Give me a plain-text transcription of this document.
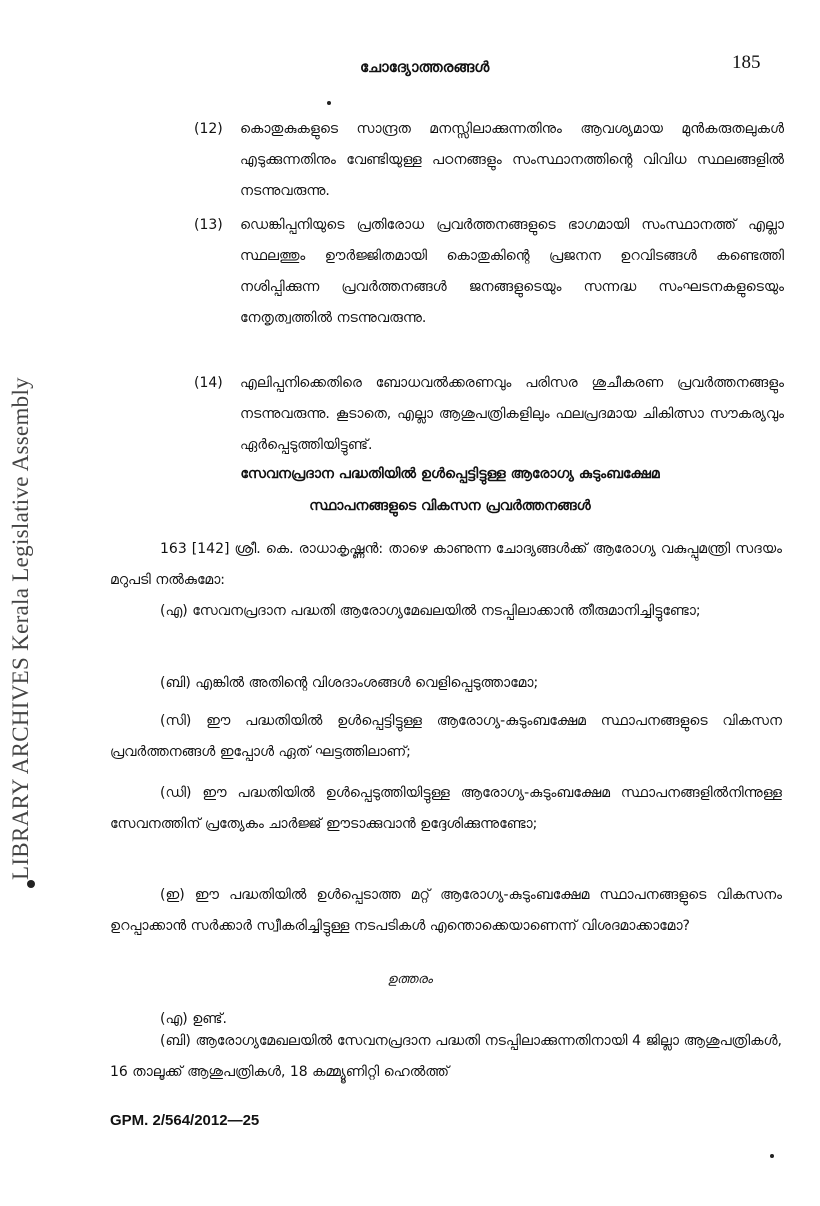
ചോദ്യോത്തരങ്ങൾ	185
LIBRARY ARCHIVES Kerala Legislative Assembly
(12) കൊതുകുകളുടെ സാന്ദ്രത മനസ്സിലാക്കുന്നതിനും ആവശ്യമായ മുൻകരുതലുകൾ എടുക്കുന്നതിനും വേണ്ടിയുള്ള പഠനങ്ങളും സംസ്ഥാനത്തിന്റെ വിവിധ സ്ഥലങ്ങളിൽ നടന്നുവരുന്നു.
(13) ഡെങ്കിപ്പനിയുടെ പ്രതിരോധ പ്രവർത്തനങ്ങളുടെ ഭാഗമായി സംസ്ഥാനത്ത് എല്ലാ സ്ഥലത്തും ഊർജ്ജിതമായി കൊതുകിന്റെ പ്രജനന ഉറവിടങ്ങൾ കണ്ടെത്തി നശിപ്പിക്കുന്ന പ്രവർത്തനങ്ങൾ ജനങ്ങളുടെയും സന്നദ്ധ സംഘടനകളുടെയും നേതൃത്വത്തിൽ നടന്നുവരുന്നു.
(14) എലിപ്പനിക്കെതിരെ ബോധവൽക്കരണവും പരിസര ശുചീകരണ പ്രവർത്തനങ്ങളും നടന്നുവരുന്നു. കൂടാതെ, എല്ലാ ആശുപത്രികളിലും ഫലപ്രദമായ ചികിത്സാ സൗകര്യവും ഏർപ്പെടുത്തിയിട്ടുണ്ട്.
സേവനപ്രദാന പദ്ധതിയിൽ ഉൾപ്പെട്ടിട്ടുള്ള ആരോഗ്യ കുടുംബക്ഷേമ
സ്ഥാപനങ്ങളുടെ വികസന പ്രവർത്തനങ്ങൾ
163 [142] ശ്രീ. കെ. രാധാകൃഷ്ണൻ: താഴെ കാണുന്ന ചോദ്യങ്ങൾക്ക് ആരോഗ്യ വകുപ്പുമന്ത്രി സദയം മറുപടി നൽകുമോ:
(എ) സേവനപ്രദാന പദ്ധതി ആരോഗ്യമേഖലയിൽ നടപ്പിലാക്കാൻ തീരുമാനിച്ചിട്ടുണ്ടോ;
(ബി) എങ്കിൽ അതിന്റെ വിശദാംശങ്ങൾ വെളിപ്പെടുത്താമോ;
(സി) ഈ പദ്ധതിയിൽ ഉൾപ്പെട്ടിട്ടുള്ള ആരോഗ്യ-കുടുംബക്ഷേമ സ്ഥാപനങ്ങളുടെ വികസന പ്രവർത്തനങ്ങൾ ഇപ്പോൾ ഏത് ഘട്ടത്തിലാണ്;
(ഡി) ഈ പദ്ധതിയിൽ ഉൾപ്പെടുത്തിയിട്ടുള്ള ആരോഗ്യ-കുടുംബക്ഷേമ സ്ഥാപനങ്ങളിൽനിന്നുള്ള സേവനത്തിന് പ്രത്യേകം ചാർജ്ജ് ഈടാക്കുവാൻ ഉദ്ദേശിക്കുന്നുണ്ടോ;
(ഇ) ഈ പദ്ധതിയിൽ ഉൾപ്പെടാത്ത മറ്റ് ആരോഗ്യ-കുടുംബക്ഷേമ സ്ഥാപനങ്ങളുടെ വികസനം ഉറപ്പാക്കാൻ സർക്കാർ സ്വീകരിച്ചിട്ടുള്ള നടപടികൾ എന്തൊക്കെയാണെന്ന് വിശദമാക്കാമോ?
ഉത്തരം
(എ) ഉണ്ട്.
(ബി) ആരോഗ്യമേഖലയിൽ സേവനപ്രദാന പദ്ധതി നടപ്പിലാക്കുന്നതിനായി 4 ജില്ലാ ആശുപത്രികൾ, 16 താലൂക്ക് ആശുപത്രികൾ, 18 കമ്മ്യൂണിറ്റി ഹെൽത്ത്
GPM. 2/564/2012—25
